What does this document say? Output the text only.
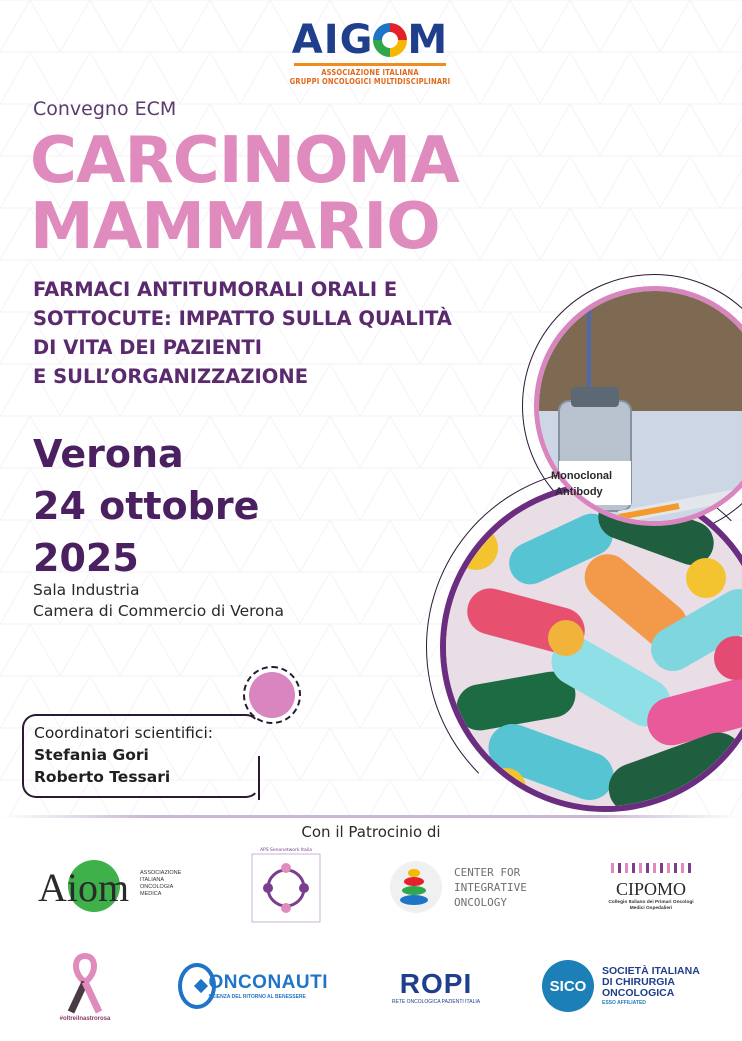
AIG M
ASSOCIAZIONE ITALIANA
GRUPPI ONCOLOGICI MULTIDISCIPLINARI
Convegno ECM
CARCINOMA
MAMMARIO
FARMACI ANTITUMORALI ORALI E
SOTTOCUTE: IMPATTO SULLA QUALITÀ
DI VITA DEI PAZIENTI
E SULL’ORGANIZZAZIONE
Verona
24 ottobre
2025
Sala Industria
Camera di Commercio di Verona
Monoclonal
Antibody
Coordinatori scientifici:
Stefania Gori
Roberto Tessari
Con il Patrocinio di
Aiom ASSOCIAZIONE
ITALIANA
ONCOLOGIA
MEDICA
APS Senonetwork Italia
CENTER FOR
INTEGRATIVE
ONCOLOGY
CIPOMO
Collegio Italiano dei Primari Oncologi
Medici Ospedalieri
#oltreilnastrorosa
ONCONAUTI
SCIENZA DEL RITORNO AL BENESSERE	ROPI
RETE ONCOLOGICA PAZIENTI ITALIA
SICO
SOCIETÀ ITALIANA
DI CHIRURGIA
ONCOLOGICA
ESSO AFFILIATED
